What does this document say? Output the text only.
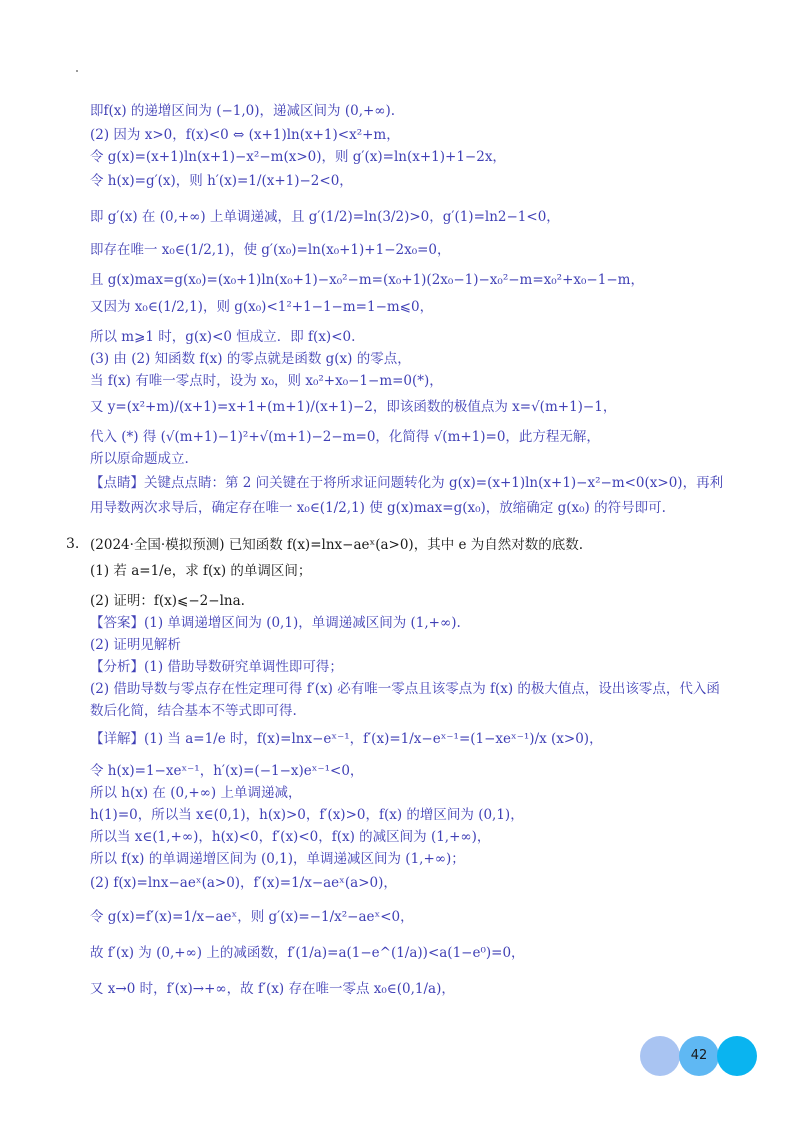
即f(x) 的递增区间为 (−1,0)，递减区间为 (0,+∞).
(2) 因为 x>0，f(x)<0 ⇔ (x+1)ln(x+1)<x²+m，
令 g(x)=(x+1)ln(x+1)−x²−m(x>0)，则 g′(x)=ln(x+1)+1−2x，
令 h(x)=g′(x)，则 h′(x)=1/(x+1)−2<0，
即 g′(x) 在 (0,+∞) 上单调递减，且 g′(1/2)=ln(3/2)>0，g′(1)=ln2−1<0，
即存在唯一 x₀∈(1/2,1)，使 g′(x₀)=ln(x₀+1)+1−2x₀=0，
且 g(x)max=g(x₀)=(x₀+1)ln(x₀+1)−x₀²−m=(x₀+1)(2x₀−1)−x₀²−m=x₀²+x₀−1−m，
又因为 x₀∈(1/2,1)，则 g(x₀)<1²+1−1−m=1−m⩽0，
所以 m⩾1 时，g(x)<0 恒成立．即 f(x)<0.
(3) 由 (2) 知函数 f(x) 的零点就是函数 g(x) 的零点，
当 f(x) 有唯一零点时，设为 x₀，则 x₀²+x₀−1−m=0(*)，
又 y=(x²+m)/(x+1)=x+1+(m+1)/(x+1)−2，即该函数的极值点为 x=√(m+1)−1，
代入 (*) 得 (√(m+1)−1)²+√(m+1)−2−m=0，化简得 √(m+1)=0，此方程无解，
所以原命题成立.
【点睛】关键点点睛：第 2 问关键在于将所求证问题转化为 g(x)=(x+1)ln(x+1)−x²−m<0(x>0)，再利
用导数两次求导后，确定存在唯一 x₀∈(1/2,1) 使 g(x)max=g(x₀)，放缩确定 g(x₀) 的符号即可.
3. (2024·全国·模拟预测) 已知函数 f(x)=lnx−aeˣ(a>0)，其中 e 为自然对数的底数.
(1) 若 a=1/e，求 f(x) 的单调区间；
(2) 证明：f(x)⩽−2−lna.
【答案】(1) 单调递增区间为 (0,1)，单调递减区间为 (1,+∞).
(2) 证明见解析
【分析】(1) 借助导数研究单调性即可得；
(2) 借助导数与零点存在性定理可得 f′(x) 必有唯一零点且该零点为 f(x) 的极大值点，设出该零点，代入函
数后化简，结合基本不等式即可得.
【详解】(1) 当 a=1/e 时，f(x)=lnx−eˣ⁻¹，f′(x)=1/x−eˣ⁻¹=(1−xeˣ⁻¹)/x (x>0)，
令 h(x)=1−xeˣ⁻¹，h′(x)=(−1−x)eˣ⁻¹<0，
所以 h(x) 在 (0,+∞) 上单调递减，
h(1)=0，所以当 x∈(0,1)，h(x)>0，f′(x)>0，f(x) 的增区间为 (0,1)，
所以当 x∈(1,+∞)，h(x)<0，f′(x)<0，f(x) 的减区间为 (1,+∞)，
所以 f(x) 的单调递增区间为 (0,1)，单调递减区间为 (1,+∞)；
(2) f(x)=lnx−aeˣ(a>0)，f′(x)=1/x−aeˣ(a>0)，
令 g(x)=f′(x)=1/x−aeˣ，则 g′(x)=−1/x²−aeˣ<0，
故 f′(x) 为 (0,+∞) 上的减函数，f′(1/a)=a(1−e^(1/a))<a(1−e⁰)=0，
又 x→0 时，f′(x)→+∞，故 f′(x) 存在唯一零点 x₀∈(0,1/a)，
42
